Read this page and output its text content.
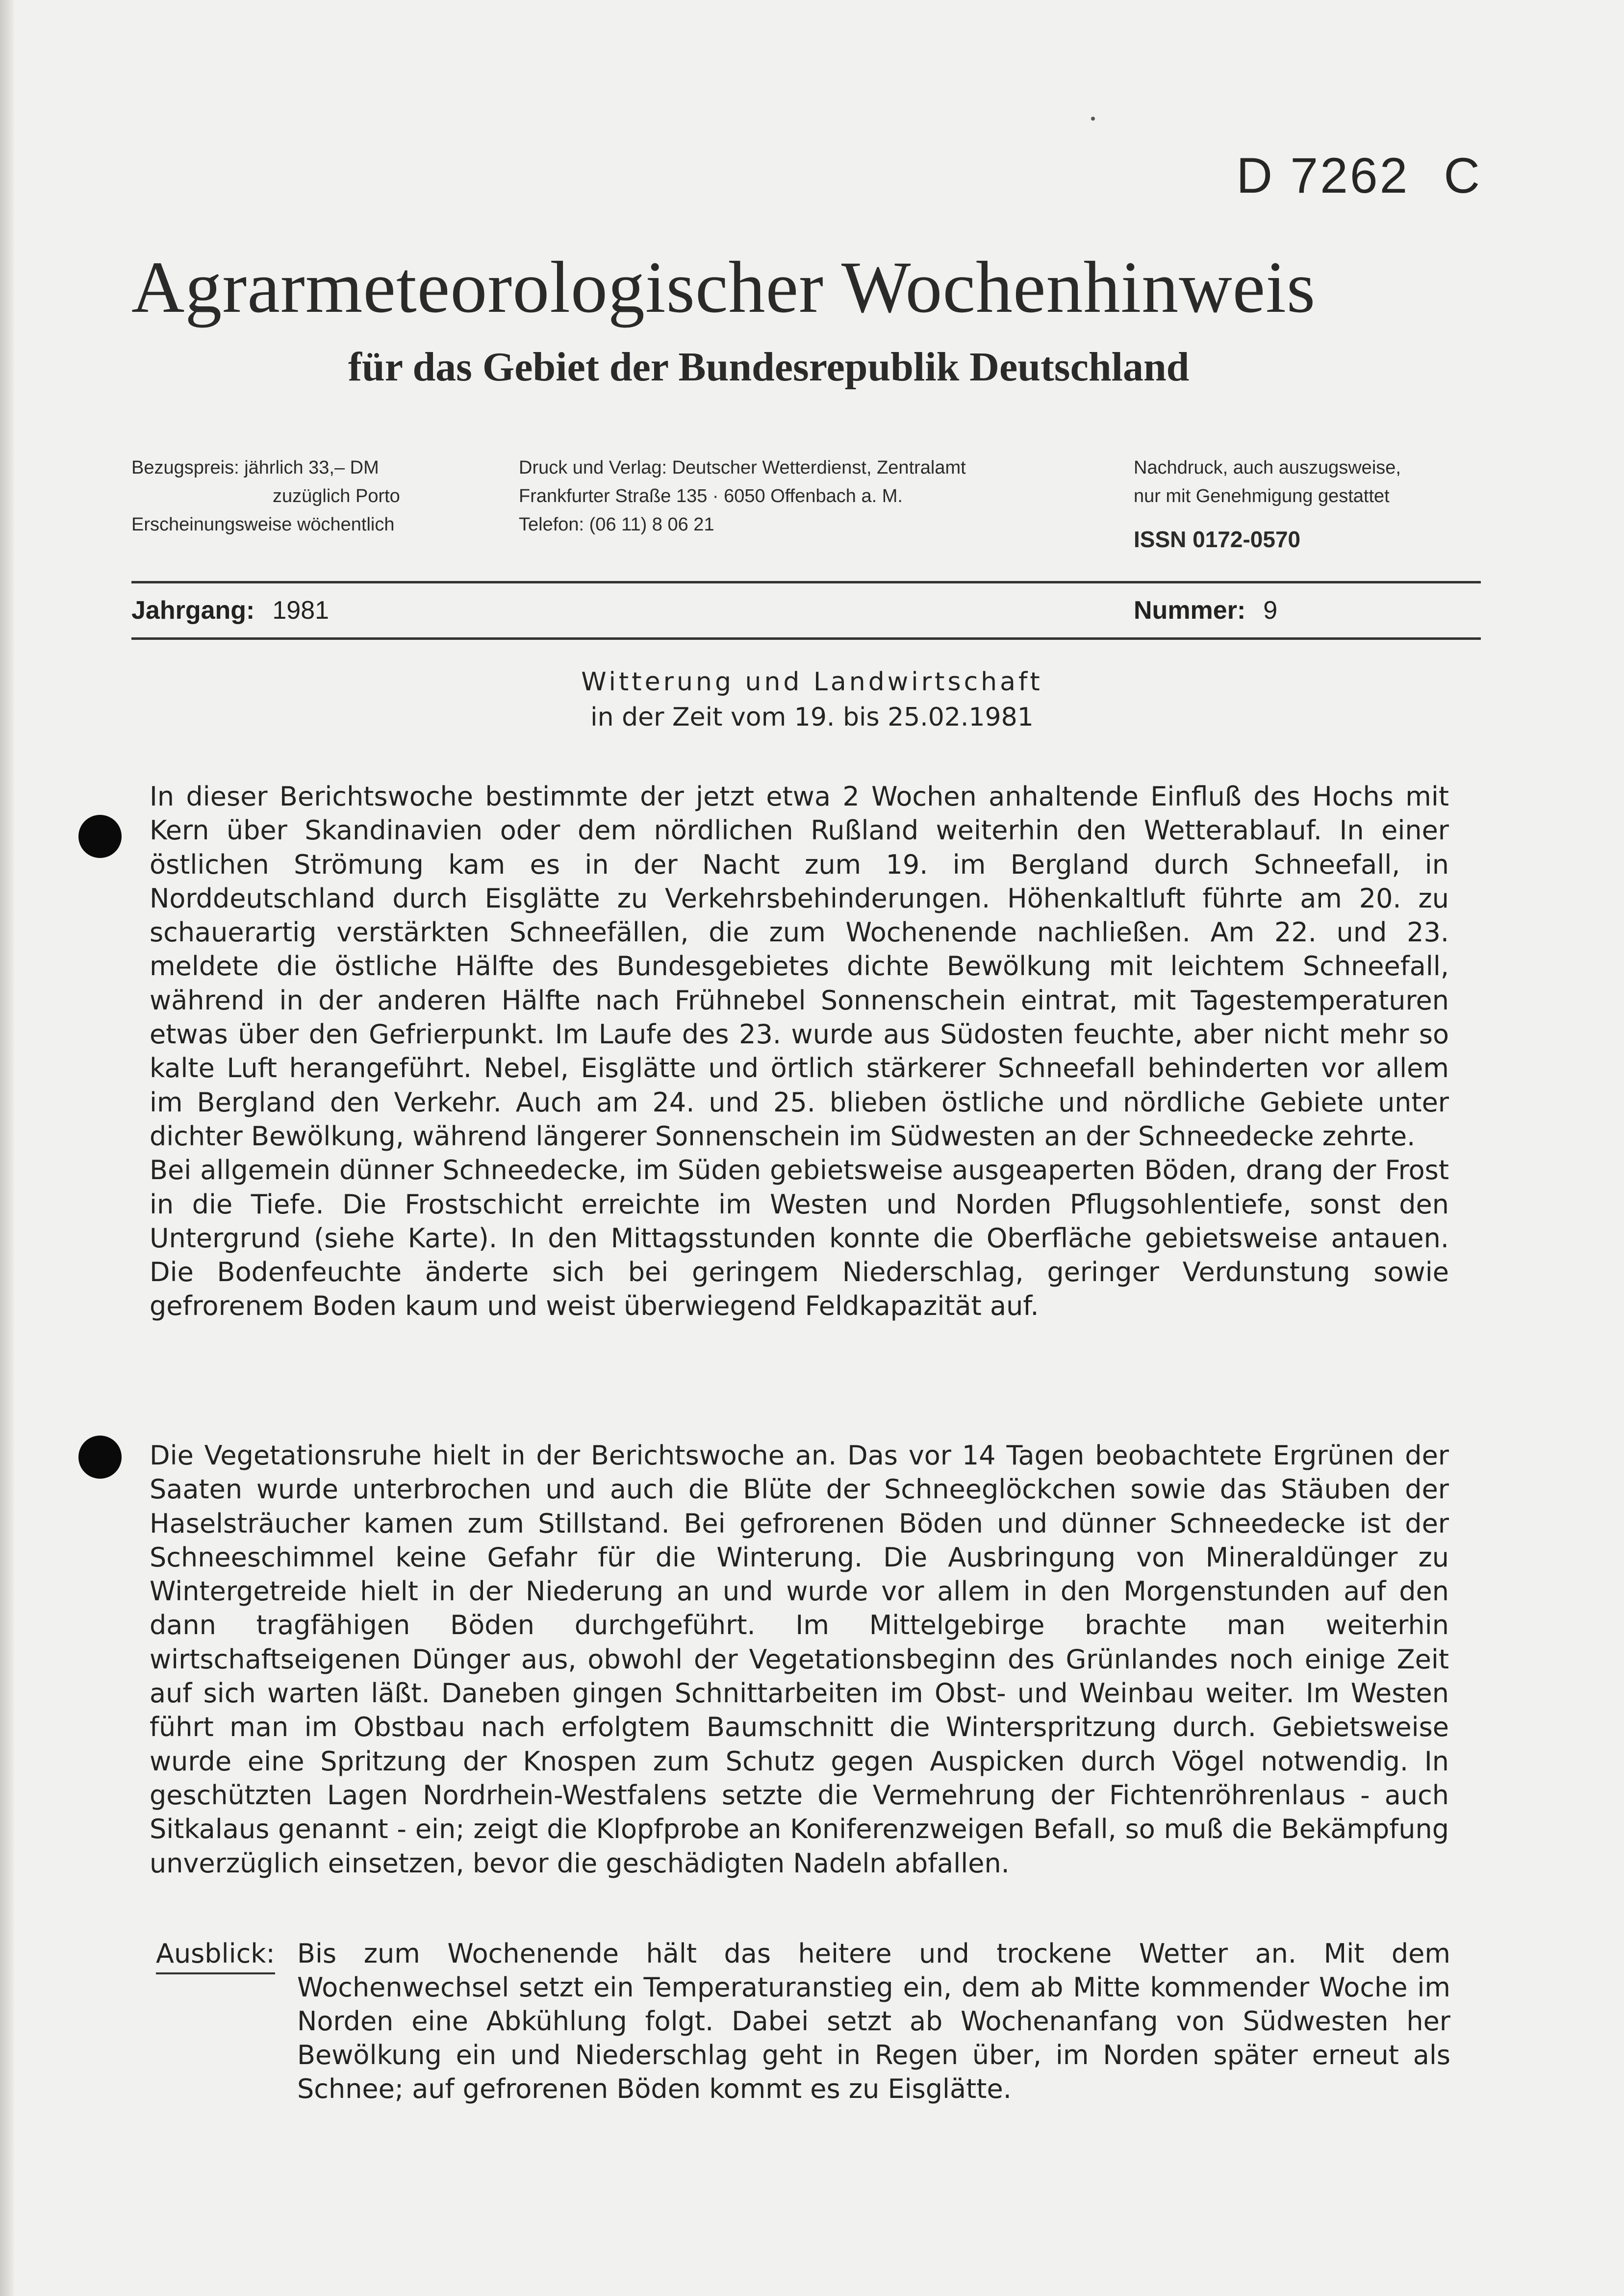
D 7262 C
Agrarmeteorologischer Wochenhinweis
für das Gebiet der Bundesrepublik Deutschland
Bezugspreis: jährlich 33,– DM
zuzüglich Porto
Erscheinungsweise wöchentlich
Druck und Verlag: Deutscher Wetterdienst, Zentralamt
Frankfurter Straße 135 · 6050 Offenbach a. M.
Telefon: (06 11) 8 06 21
Nachdruck, auch auszugsweise,
nur mit Genehmigung gestattet
ISSN 0172-0570
Jahrgang: 1981	Nummer: 9
Witterung und Landwirtschaft
in der Zeit vom 19. bis 25.02.1981

In dieser Berichtswoche bestimmte der jetzt etwa 2 Wochen anhaltende Einfluß des Hochs mit Kern über Skandinavien oder dem nördlichen Rußland weiterhin den Wetterablauf. In einer östlichen Strömung kam es in der Nacht zum 19. im Bergland durch Schneefall, in Norddeutschland durch Eisglätte zu Verkehrsbehinderungen. Höhenkaltluft führte am 20. zu schauerartig verstärkten Schneefällen, die zum Wochenende nachließen. Am 22. und 23. meldete die östliche Hälfte des Bundesgebietes dichte Bewölkung mit leichtem Schneefall, während in der anderen Hälfte nach Frühnebel Sonnenschein eintrat, mit Tagestemperaturen etwas über den Gefrierpunkt. Im Laufe des 23. wurde aus Südosten feuchte, aber nicht mehr so kalte Luft herangeführt. Nebel, Eisglätte und örtlich stärkerer Schneefall behinderten vor allem im Bergland den Verkehr. Auch am 24. und 25. blieben östliche und nördliche Gebiete unter dichter Bewölkung, während längerer Sonnenschein im Südwesten an der Schneedecke zehrte.

Bei allgemein dünner Schneedecke, im Süden gebietsweise ausgeaperten Böden, drang der Frost in die Tiefe. Die Frostschicht erreichte im Westen und Norden Pflugsohlentiefe, sonst den Untergrund (siehe Karte). In den Mittagsstunden konnte die Oberfläche gebietsweise antauen. Die Bodenfeuchte änderte sich bei geringem Niederschlag, geringer Verdunstung sowie gefrorenem Boden kaum und weist überwiegend Feldkapazität auf.

Die Vegetationsruhe hielt in der Berichtswoche an. Das vor 14 Tagen beobachtete Ergrünen der Saaten wurde unterbrochen und auch die Blüte der Schneeglöckchen sowie das Stäuben der Haselsträucher kamen zum Stillstand. Bei gefrorenen Böden und dünner Schneedecke ist der Schneeschimmel keine Gefahr für die Winterung. Die Ausbringung von Mineraldünger zu Wintergetreide hielt in der Niederung an und wurde vor allem in den Morgenstunden auf den dann tragfähigen Böden durchgeführt. Im Mittelgebirge brachte man weiterhin wirtschaftseigenen Dünger aus, obwohl der Vegetationsbeginn des Grünlandes noch einige Zeit auf sich warten läßt. Daneben gingen Schnittarbeiten im Obst- und Weinbau weiter. Im Westen führt man im Obstbau nach erfolgtem Baumschnitt die Winterspritzung durch. Gebietsweise wurde eine Spritzung der Knospen zum Schutz gegen Auspicken durch Vögel notwendig. In geschützten Lagen Nordrhein-Westfalens setzte die Vermehrung der Fichtenröhrenlaus - auch Sitkalaus genannt - ein; zeigt die Klopfprobe an Koniferenzweigen Befall, so muß die Bekämpfung unverzüglich einsetzen, bevor die geschädigten Nadeln abfallen.

Ausblick: Bis zum Wochenende hält das heitere und trockene Wetter an. Mit dem Wochenwechsel setzt ein Temperaturanstieg ein, dem ab Mitte kommender Woche im Norden eine Abkühlung folgt. Dabei setzt ab Wochenanfang von Südwesten her Bewölkung ein und Niederschlag geht in Regen über, im Norden später erneut als Schnee; auf gefrorenen Böden kommt es zu Eisglätte.
